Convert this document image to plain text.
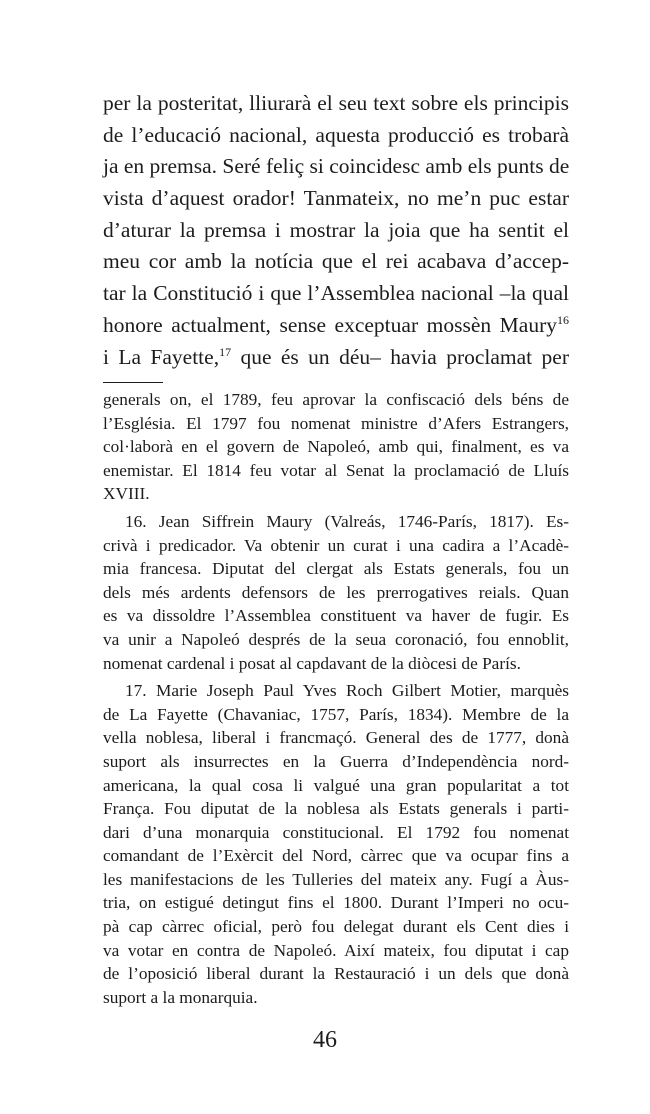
per la posteritat, lliurarà el seu text sobre els principis
de l’educació nacional, aquesta producció es trobarà
ja en premsa. Seré feliç si coincidesc amb els punts de
vista d’aquest orador! Tanmateix, no me’n puc estar
d’aturar la premsa i mostrar la joia que ha sentit el
meu cor amb la notícia que el rei acabava d’accep-
tar la Constitució i que l’Assemblea nacional –la qual
honore actualment, sense exceptuar mossèn Maury$^{16}$
i La Fayette,$^{17}$ que és un déu– havia proclamat per
generals on, el 1789, feu aprovar la confiscació dels béns de
l’Església. El 1797 fou nomenat ministre d’Afers Estrangers,
col·laborà en el govern de Napoleó, amb qui, finalment, es va
enemistar. El 1814 feu votar al Senat la proclamació de Lluís
XVIII.
16. Jean Siffrein Maury (Valreás, 1746-París, 1817). Es-
crivà i predicador. Va obtenir un curat i una cadira a l’Acadè-
mia francesa. Diputat del clergat als Estats generals, fou un
dels més ardents defensors de les prerrogatives reials. Quan
es va dissoldre l’Assemblea constituent va haver de fugir. Es
va unir a Napoleó després de la seua coronació, fou ennoblit,
nomenat cardenal i posat al capdavant de la diòcesi de París.
17. Marie Joseph Paul Yves Roch Gilbert Motier, marquès
de La Fayette (Chavaniac, 1757, París, 1834). Membre de la
vella noblesa, liberal i francmaçó. General des de 1777, donà
suport als insurrectes en la Guerra d’Independència nord-
americana, la qual cosa li valgué una gran popularitat a tot
França. Fou diputat de la noblesa als Estats generals i parti-
dari d’una monarquia constitucional. El 1792 fou nomenat
comandant de l’Exèrcit del Nord, càrrec que va ocupar fins a
les manifestacions de les Tulleries del mateix any. Fugí a Àus-
tria, on estigué detingut fins el 1800. Durant l’Imperi no ocu-
pà cap càrrec oficial, però fou delegat durant els Cent dies i
va votar en contra de Napoleó. Així mateix, fou diputat i cap
de l’oposició liberal durant la Restauració i un dels que donà
suport a la monarquia.
46
